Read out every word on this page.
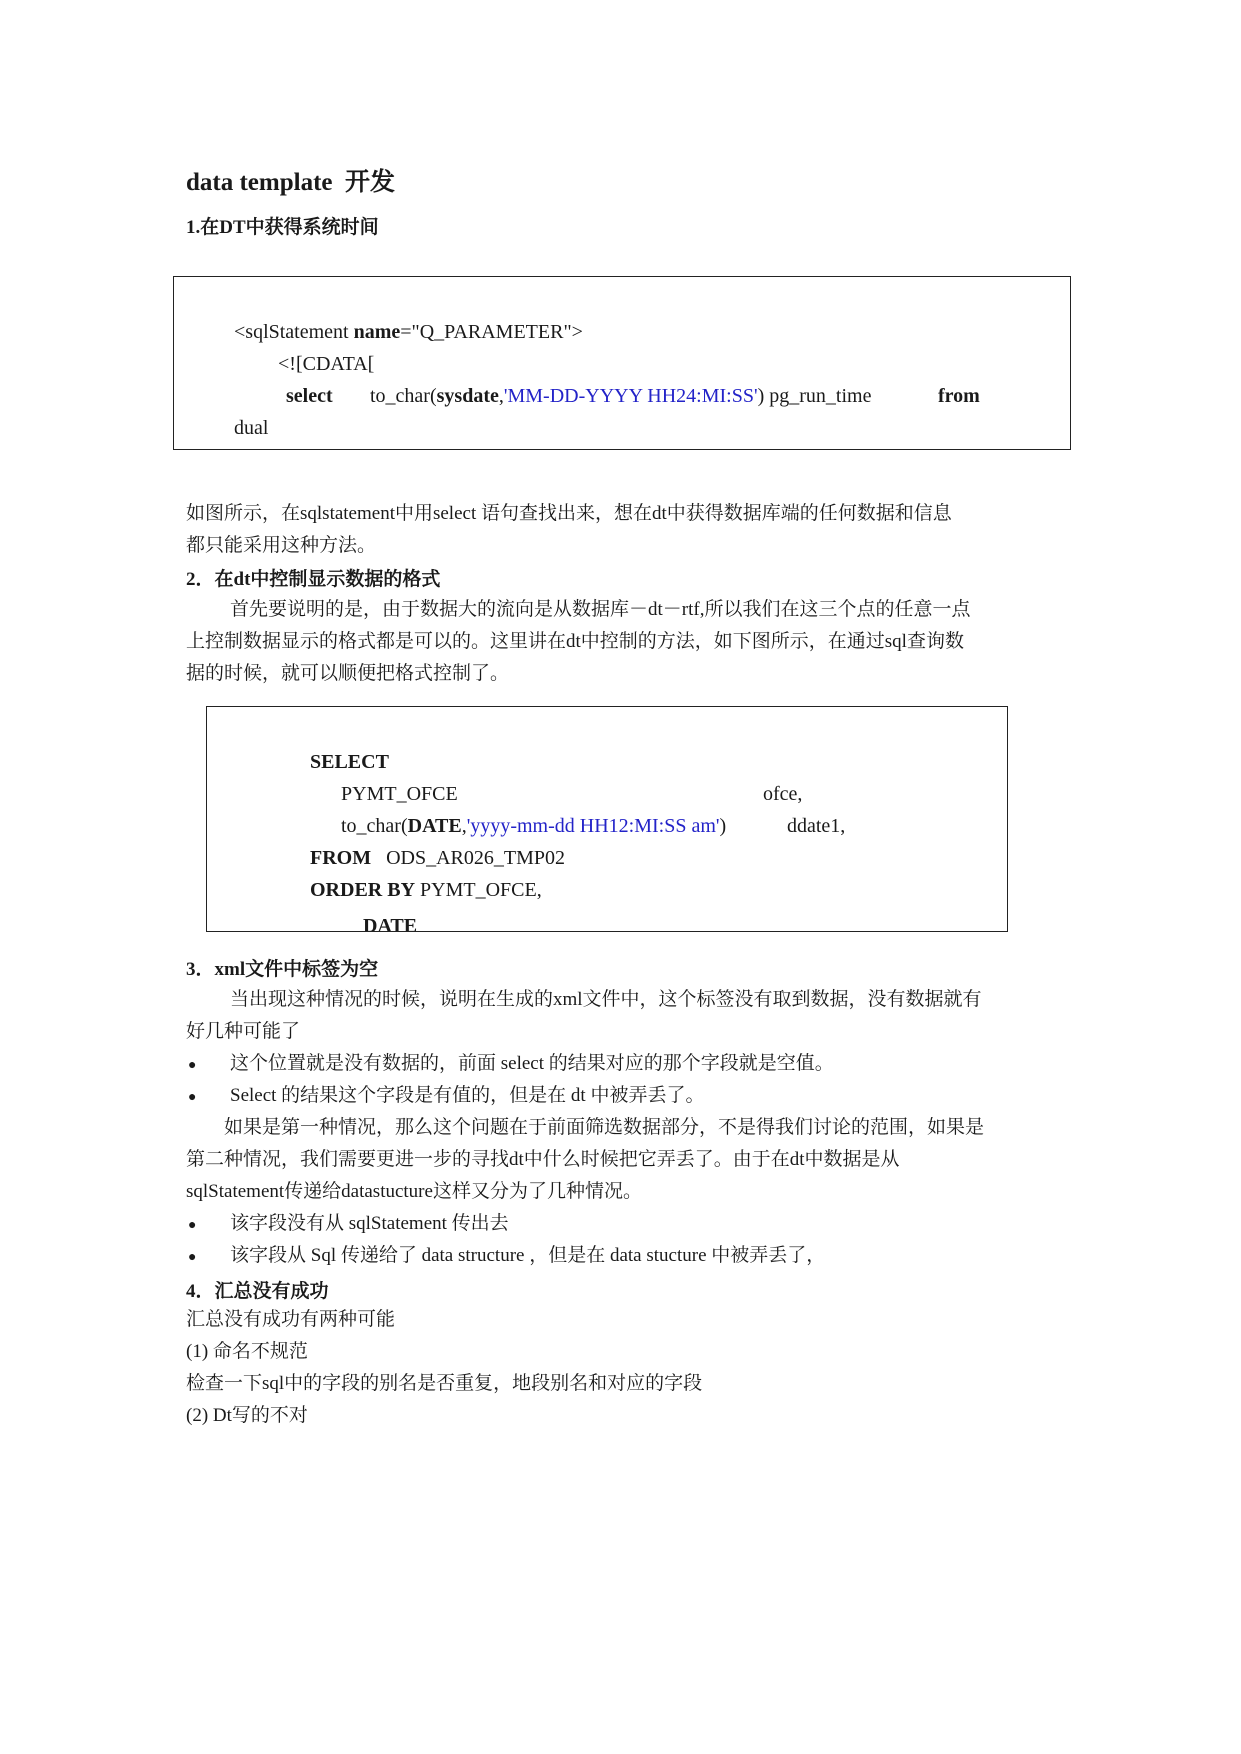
data template 开发
1.在DT中获得系统时间
<sqlStatement name="Q_PARAMETER">
<![CDATA[
select to_char(sysdate,'MM-DD-YYYY HH24:MI:SS') pg_run_time	from
dual
如图所示，在sqlstatement中用select 语句查找出来，想在dt中获得数据库端的任何数据和信息
都只能采用这种方法。
2．在dt中控制显示数据的格式
首先要说明的是，由于数据大的流向是从数据库－dt－rtf,所以我们在这三个点的任意一点
上控制数据显示的格式都是可以的。这里讲在dt中控制的方法，如下图所示，在通过sql查询数
据的时候，就可以顺便把格式控制了。
SELECT
PYMT_OFCE	ofce,
to_char(DATE,'yyyy-mm-dd HH12:MI:SS am')	ddate1,
FROM ODS_AR026_TMP02
ORDER BY PYMT_OFCE,
DATE
3．xml文件中标签为空
当出现这种情况的时候，说明在生成的xml文件中，这个标签没有取到数据，没有数据就有
好几种可能了
● 这个位置就是没有数据的，前面 select 的结果对应的那个字段就是空值。
● Select 的结果这个字段是有值的，但是在 dt 中被弄丢了。
如果是第一种情况，那么这个问题在于前面筛选数据部分，不是得我们讨论的范围，如果是
第二种情况，我们需要更进一步的寻找dt中什么时候把它弄丢了。由于在dt中数据是从
sqlStatement传递给datastucture这样又分为了几种情况。
● 该字段没有从 sqlStatement 传出去
● 该字段从 Sql 传递给了 data structure ，但是在 data stucture 中被弄丢了，
4．汇总没有成功
汇总没有成功有两种可能
(1) 命名不规范
检查一下sql中的字段的别名是否重复，地段别名和对应的字段
(2) Dt写的不对
